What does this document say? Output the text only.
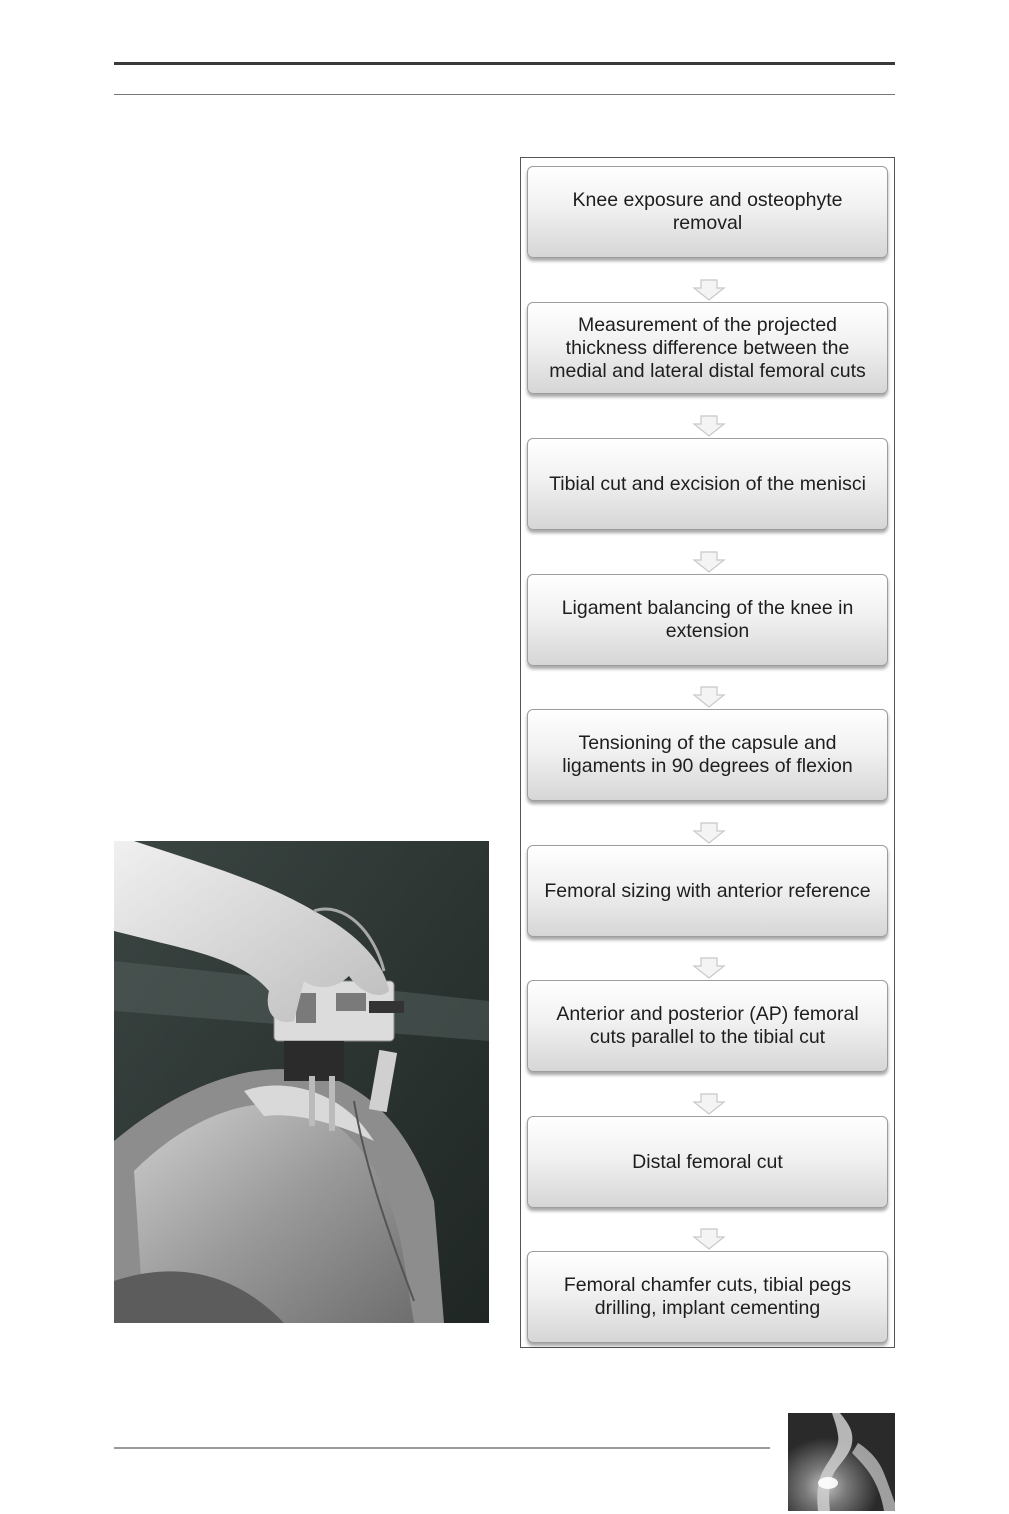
Knee exposure and osteophyte removal
Measurement of the projected thickness difference between the medial and lateral distal femoral cuts
Tibial cut and excision of the menisci
Ligament balancing of the knee in extension
Tensioning of the capsule and ligaments in 90 degrees of flexion
Femoral sizing with anterior reference
Anterior and posterior (AP) femoral cuts parallel to the tibial cut
Distal femoral cut
Femoral chamfer cuts, tibial pegs drilling, implant cementing
